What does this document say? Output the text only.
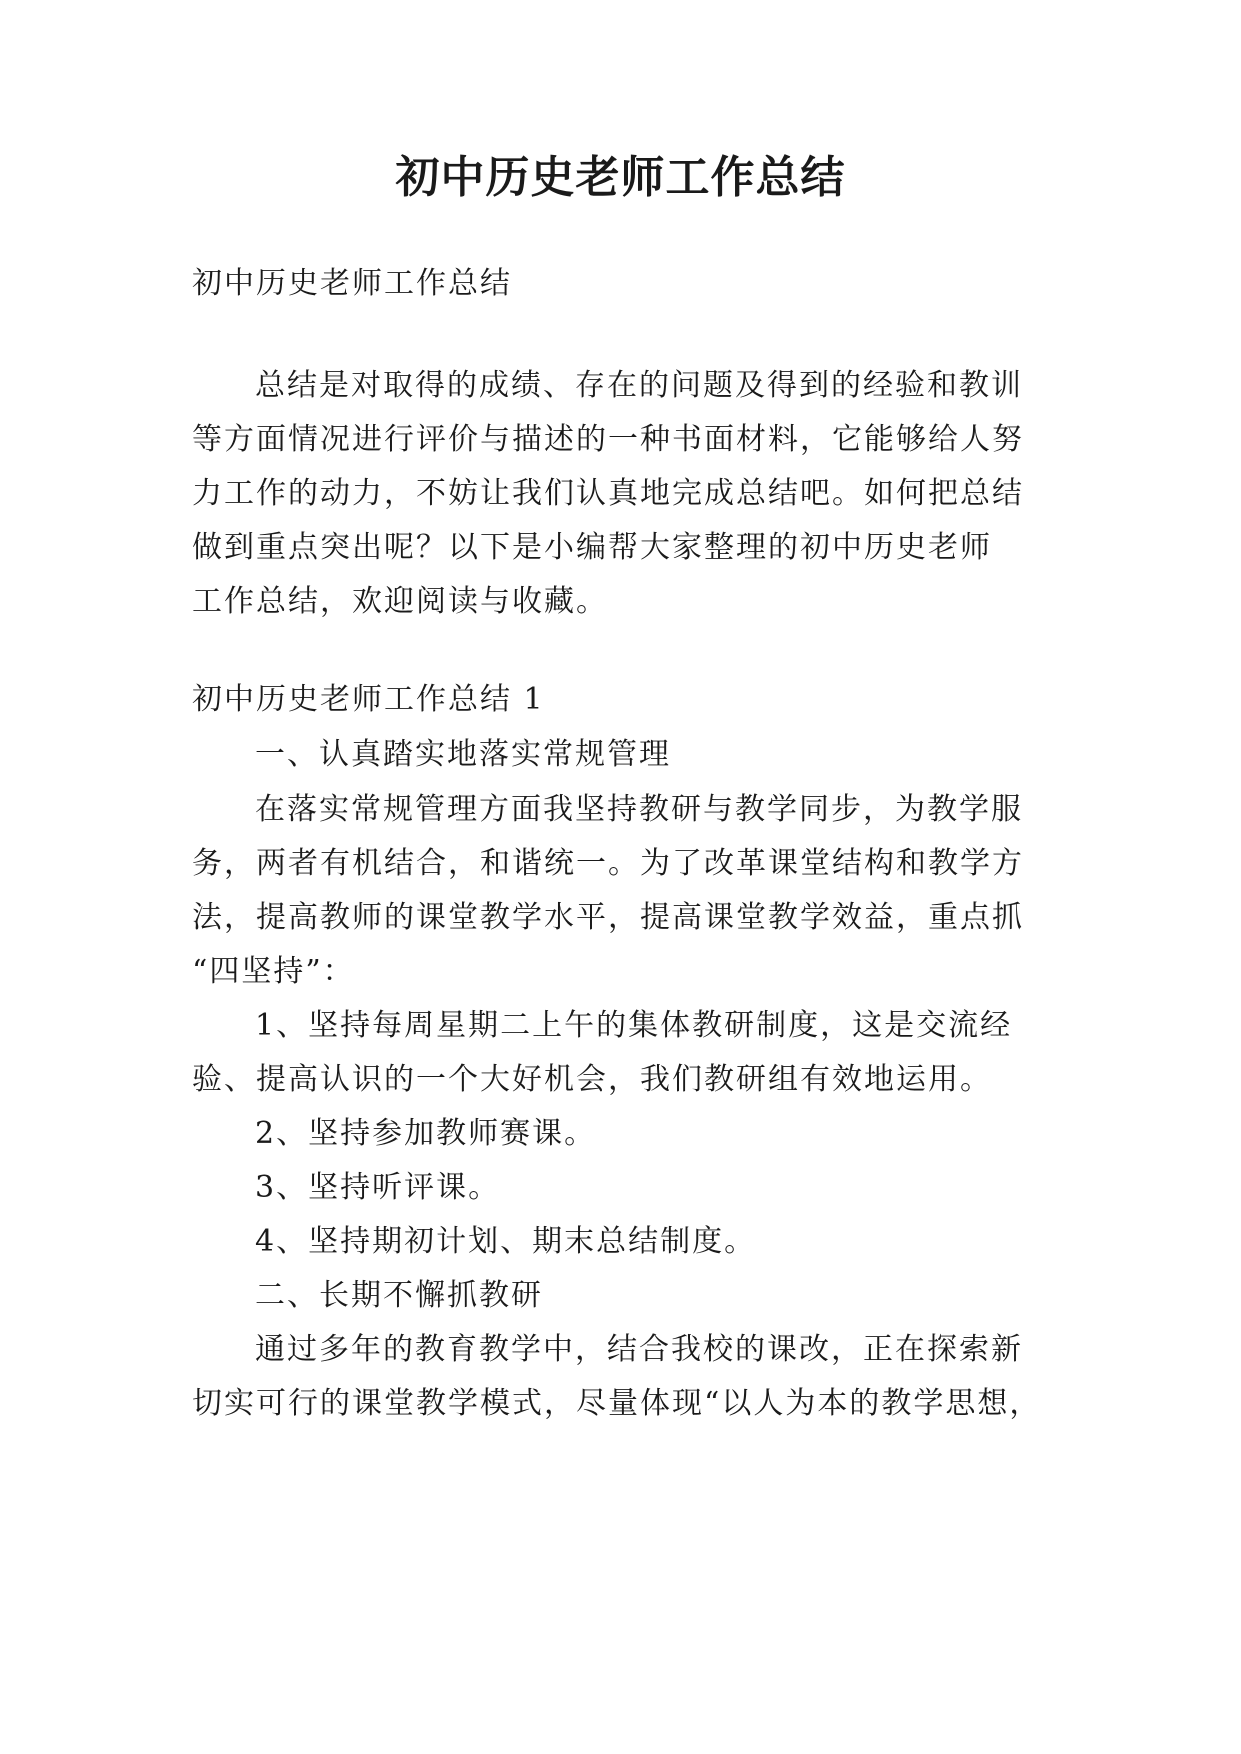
初中历史老师工作总结
初中历史老师工作总结
总结是对取得的成绩、存在的问题及得到的经验和教训
等方面情况进行评价与描述的一种书面材料，它能够给人努
力工作的动力，不妨让我们认真地完成总结吧。如何把总结
做到重点突出呢？以下是小编帮大家整理的初中历史老师
工作总结，欢迎阅读与收藏。
初中历史老师工作总结 1
一、认真踏实地落实常规管理
在落实常规管理方面我坚持教研与教学同步，为教学服
务，两者有机结合，和谐统一。为了改革课堂结构和教学方
法，提高教师的课堂教学水平，提高课堂教学效益，重点抓
“四坚持”：
1、坚持每周星期二上午的集体教研制度，这是交流经
验、提高认识的一个大好机会，我们教研组有效地运用。
2、坚持参加教师赛课。
3、坚持听评课。
4、坚持期初计划、期末总结制度。
二、长期不懈抓教研
通过多年的教育教学中，结合我校的课改，正在探索新
切实可行的课堂教学模式，尽量体现“以人为本的教学思想，
